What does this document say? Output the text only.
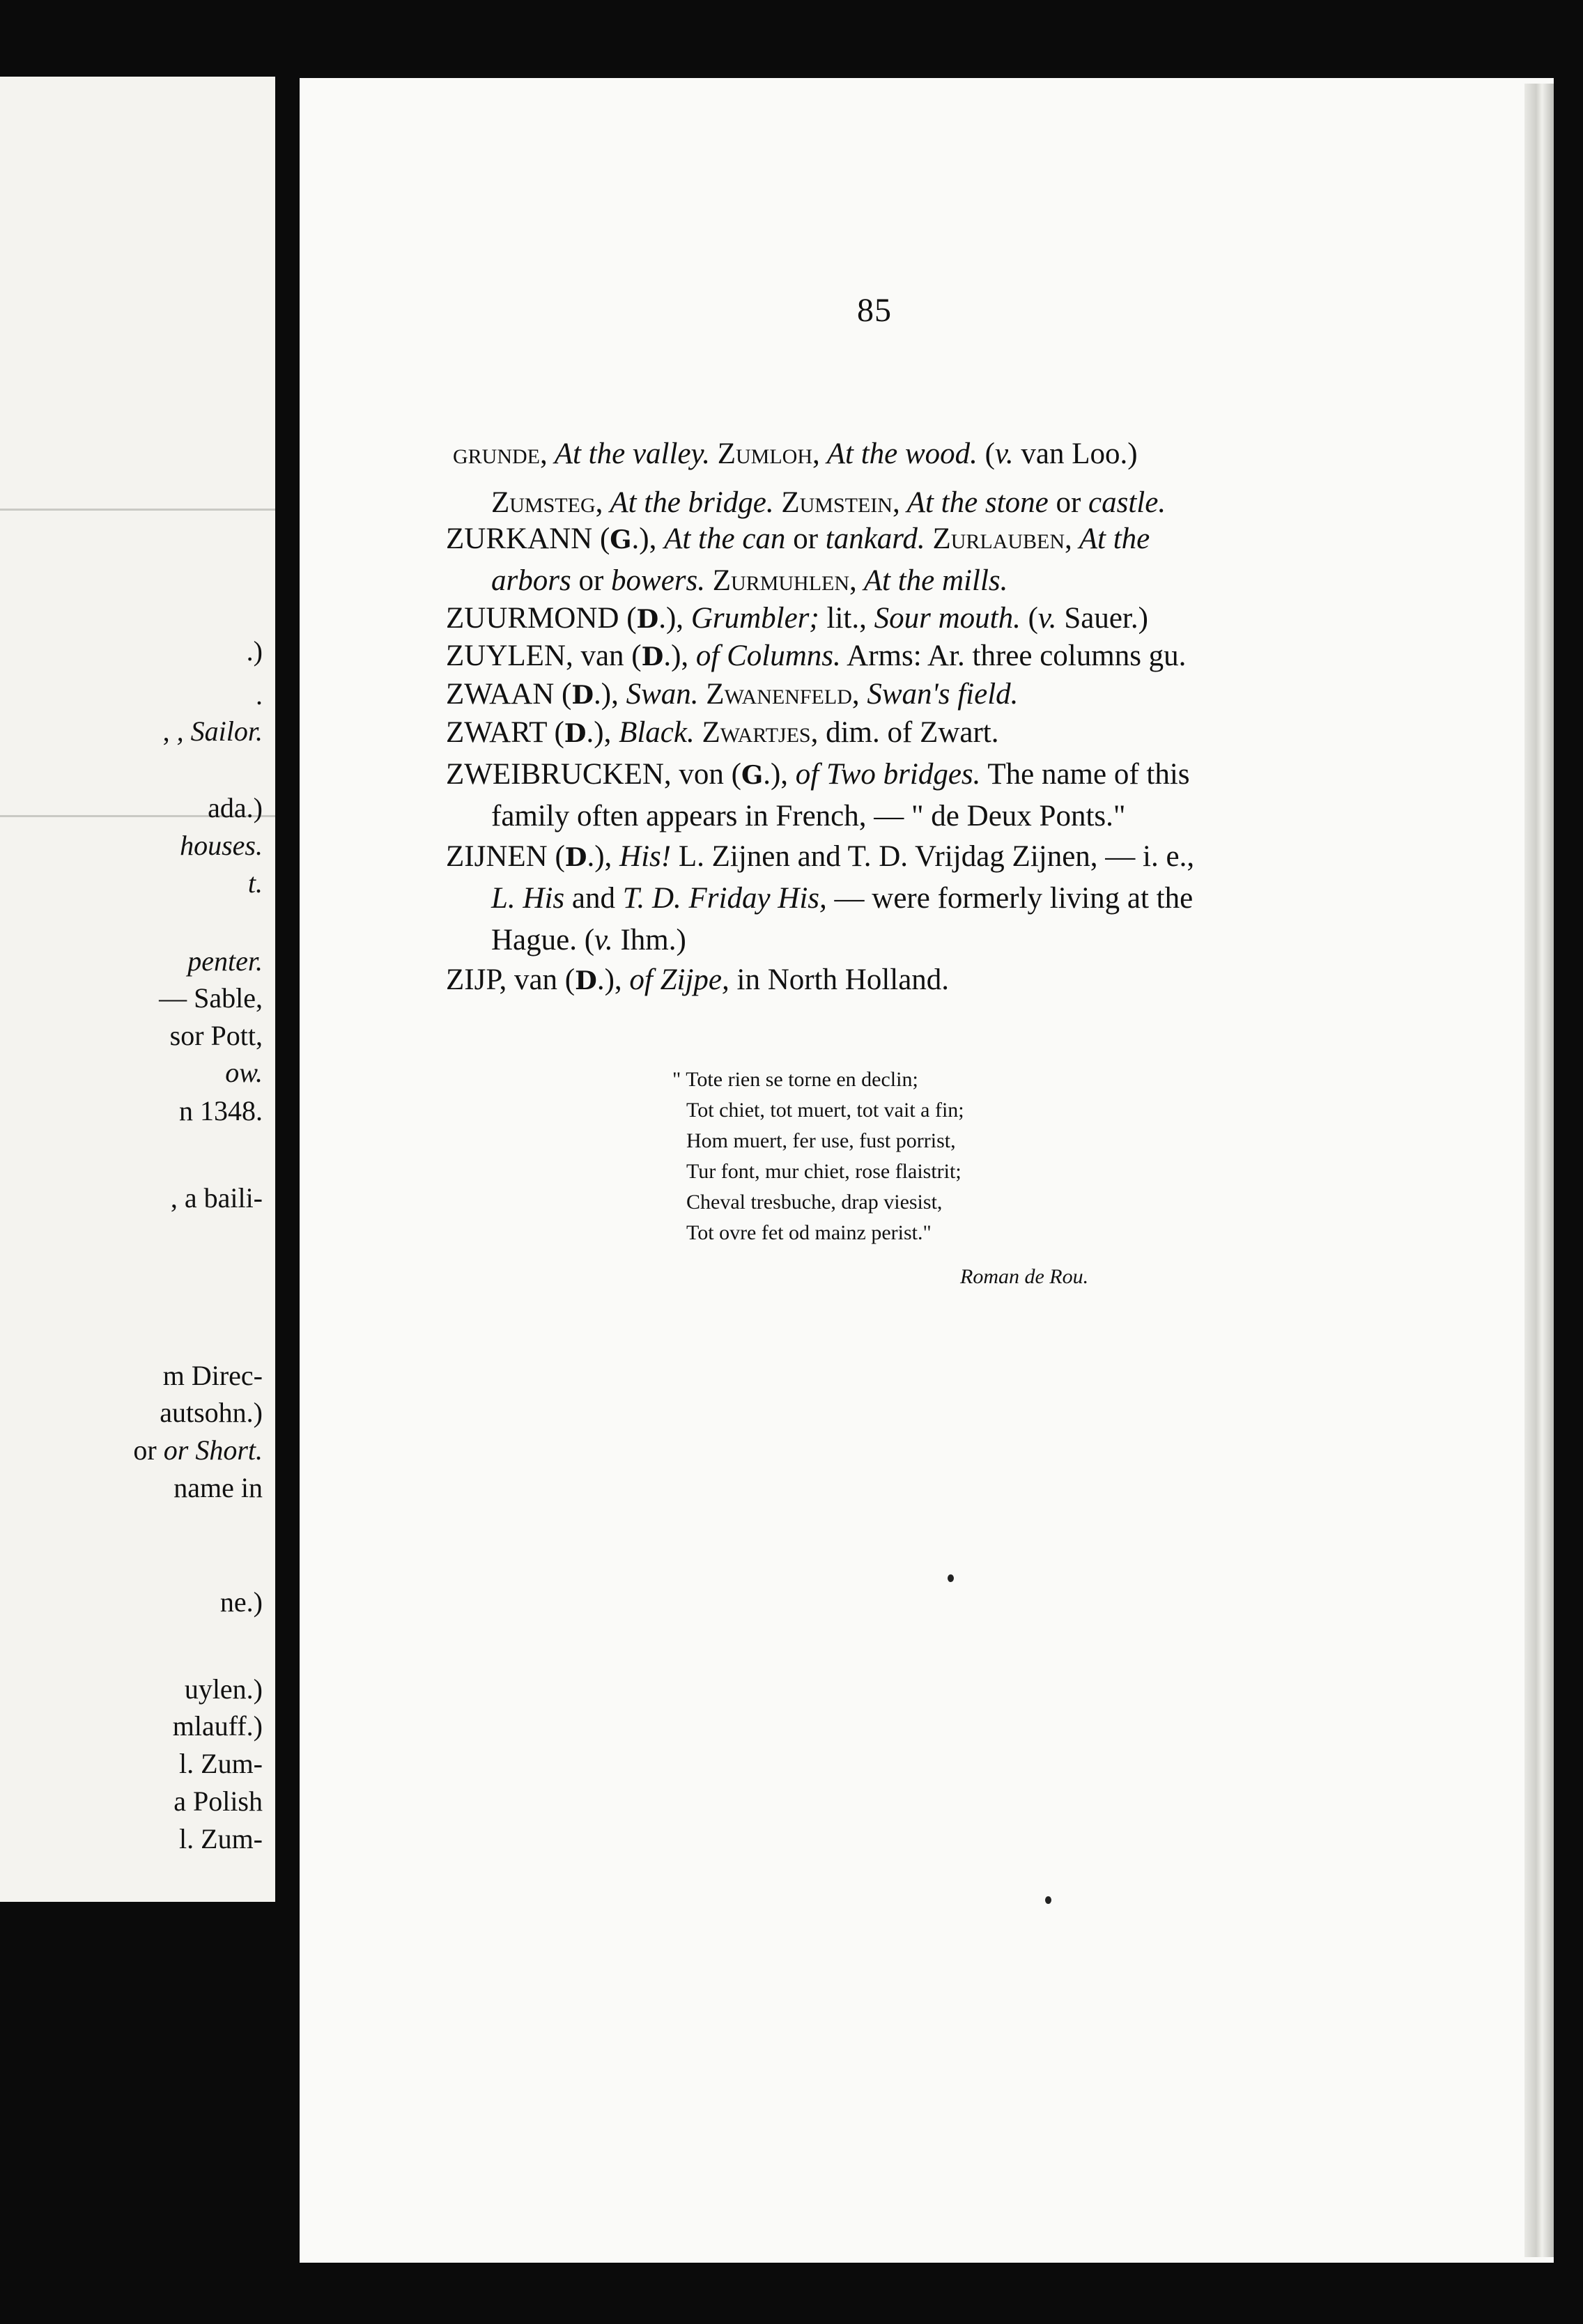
.)
.
, , Sailor.
ada.)
houses.
t.
penter.
— Sable,
sor Pott,
ow.
n 1348.
, a baili-
m Direc-
autsohn.)
or or Short.
name in
ne.)
uylen.)
mlauff.)
l. Zum-
a Polish
l. Zum-
85
grunde, At the valley. Zumloh, At the wood. (v. van Loo.)
Zumsteg, At the bridge. Zumstein, At the stone or castle.
ZURKANN (G.), At the can or tankard. Zurlauben, At the
arbors or bowers. Zurmuhlen, At the mills.
ZUURMOND (D.), Grumbler; lit., Sour mouth. (v. Sauer.)
ZUYLEN, van (D.), of Columns. Arms: Ar. three columns gu.
ZWAAN (D.), Swan. Zwanenfeld, Swan's field.
ZWART (D.), Black. Zwartjes, dim. of Zwart.
ZWEIBRUCKEN, von (G.), of Two bridges. The name of this
family often appears in French, — " de Deux Ponts."
ZIJNEN (D.), His! L. Zijnen and T. D. Vrijdag Zijnen, — i. e.,
L. His and T. D. Friday His, — were formerly living at the
Hague. (v. Ihm.)
ZIJP, van (D.), of Zijpe, in North Holland.
" Tote rien se torne en declin;
Tot chiet, tot muert, tot vait a fin;
Hom muert, fer use, fust porrist,
Tur font, mur chiet, rose flaistrit;
Cheval tresbuche, drap viesist,
Tot ovre fet od mainz perist."
Roman de Rou.
